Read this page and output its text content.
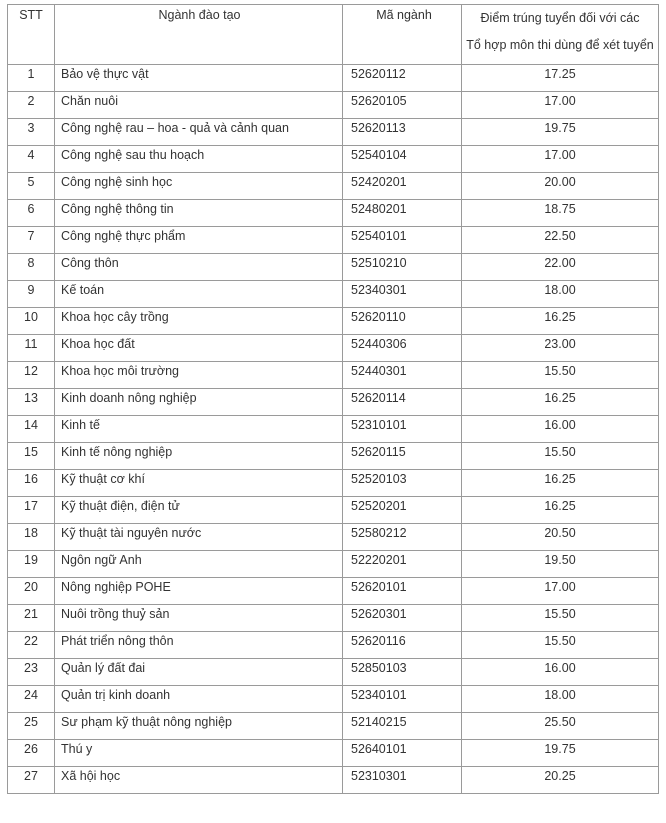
STT	Ngành đào tạo	Mã ngành	Điểm trúng tuyển đối với các
Tổ hợp môn thi dùng để xét tuyển

1	Bảo vệ thực vật	52620112	17.25
2	Chăn nuôi	52620105	17.00
3	Công nghệ rau – hoa - quả và cảnh quan	52620113	19.75
4	Công nghệ sau thu hoạch	52540104	17.00
5	Công nghệ sinh học	52420201	20.00
6	Công nghệ thông tin	52480201	18.75
7	Công nghệ thực phẩm	52540101	22.50
8	Công thôn	52510210	22.00
9	Kế toán	52340301	18.00
10	Khoa học cây trồng	52620110	16.25
11	Khoa học đất	52440306	23.00
12	Khoa học môi trường	52440301	15.50
13	Kinh doanh nông nghiệp	52620114	16.25
14	Kinh tế	52310101	16.00
15	Kinh tế nông nghiệp	52620115	15.50
16	Kỹ thuật cơ khí	52520103	16.25
17	Kỹ thuật điện, điện tử	52520201	16.25
18	Kỹ thuật tài nguyên nước	52580212	20.50
19	Ngôn ngữ Anh	52220201	19.50
20	Nông nghiệp POHE	52620101	17.00
21	Nuôi trồng thuỷ sản	52620301	15.50
22	Phát triển nông thôn	52620116	15.50
23	Quản lý đất đai	52850103	16.00
24	Quản trị kinh doanh	52340101	18.00
25	Sư phạm kỹ thuật nông nghiệp	52140215	25.50
26	Thú y	52640101	19.75
27	Xã hội học	52310301	20.25
